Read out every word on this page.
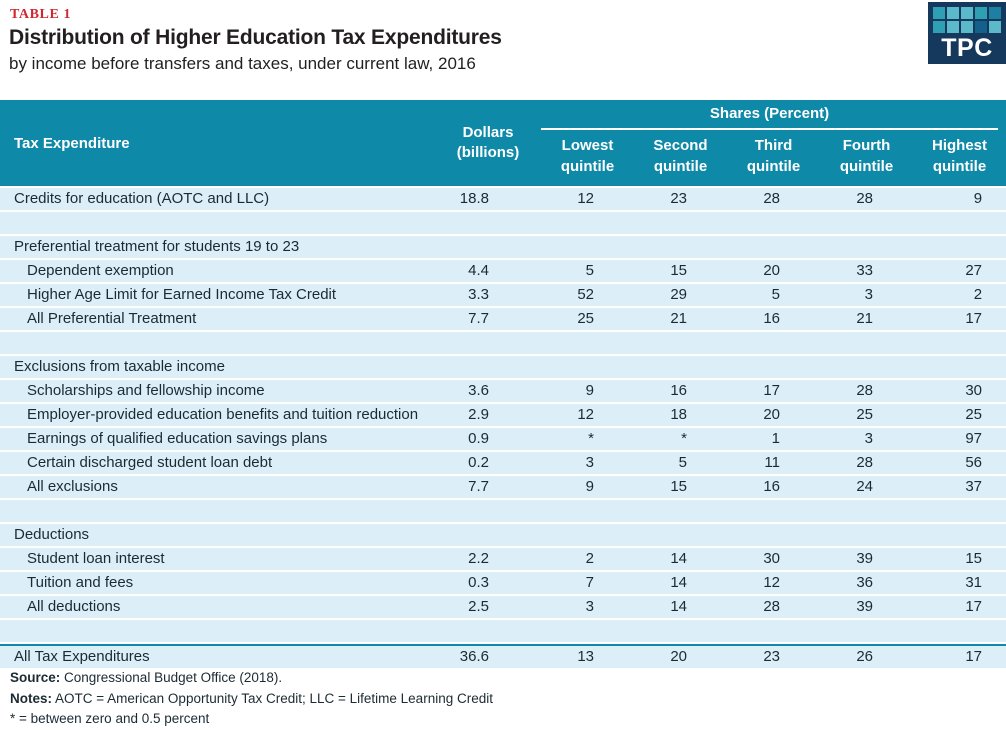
TABLE 1
Distribution of Higher Education Tax Expenditures
by income before transfers and taxes, under current law, 2016
TPC
Tax Expenditure	Dollars (billions)	Shares (Percent)				

		Lowest quintile	Second quintile	Third quintile	Fourth quintile	Highest quintile
Credits for education (AOTC and LLC)	18.8	12	23	28	28	9

Preferential treatment for students 19 to 23						
Dependent exemption	4.4	5	15	20	33	27
Higher Age Limit for Earned Income Tax Credit	3.3	52	29	5	3	2
All Preferential Treatment	7.7	25	21	16	21	17

Exclusions from taxable income						
Scholarships and fellowship income	3.6	9	16	17	28	30
Employer-provided education benefits and tuition reduction	2.9	12	18	20	25	25
Earnings of qualified education savings plans	0.9	*	*	1	3	97
Certain discharged student loan debt	0.2	3	5	11	28	56
All exclusions	7.7	9	15	16	24	37

Deductions						
Student loan interest	2.2	2	14	30	39	15
Tuition and fees	0.3	7	14	12	36	31
All deductions	2.5	3	14	28	39	17

All Tax Expenditures	36.6	13	20	23	26	17
Source: Congressional Budget Office (2018).
Notes: AOTC = American Opportunity Tax Credit; LLC = Lifetime Learning Credit
* = between zero and 0.5 percent
